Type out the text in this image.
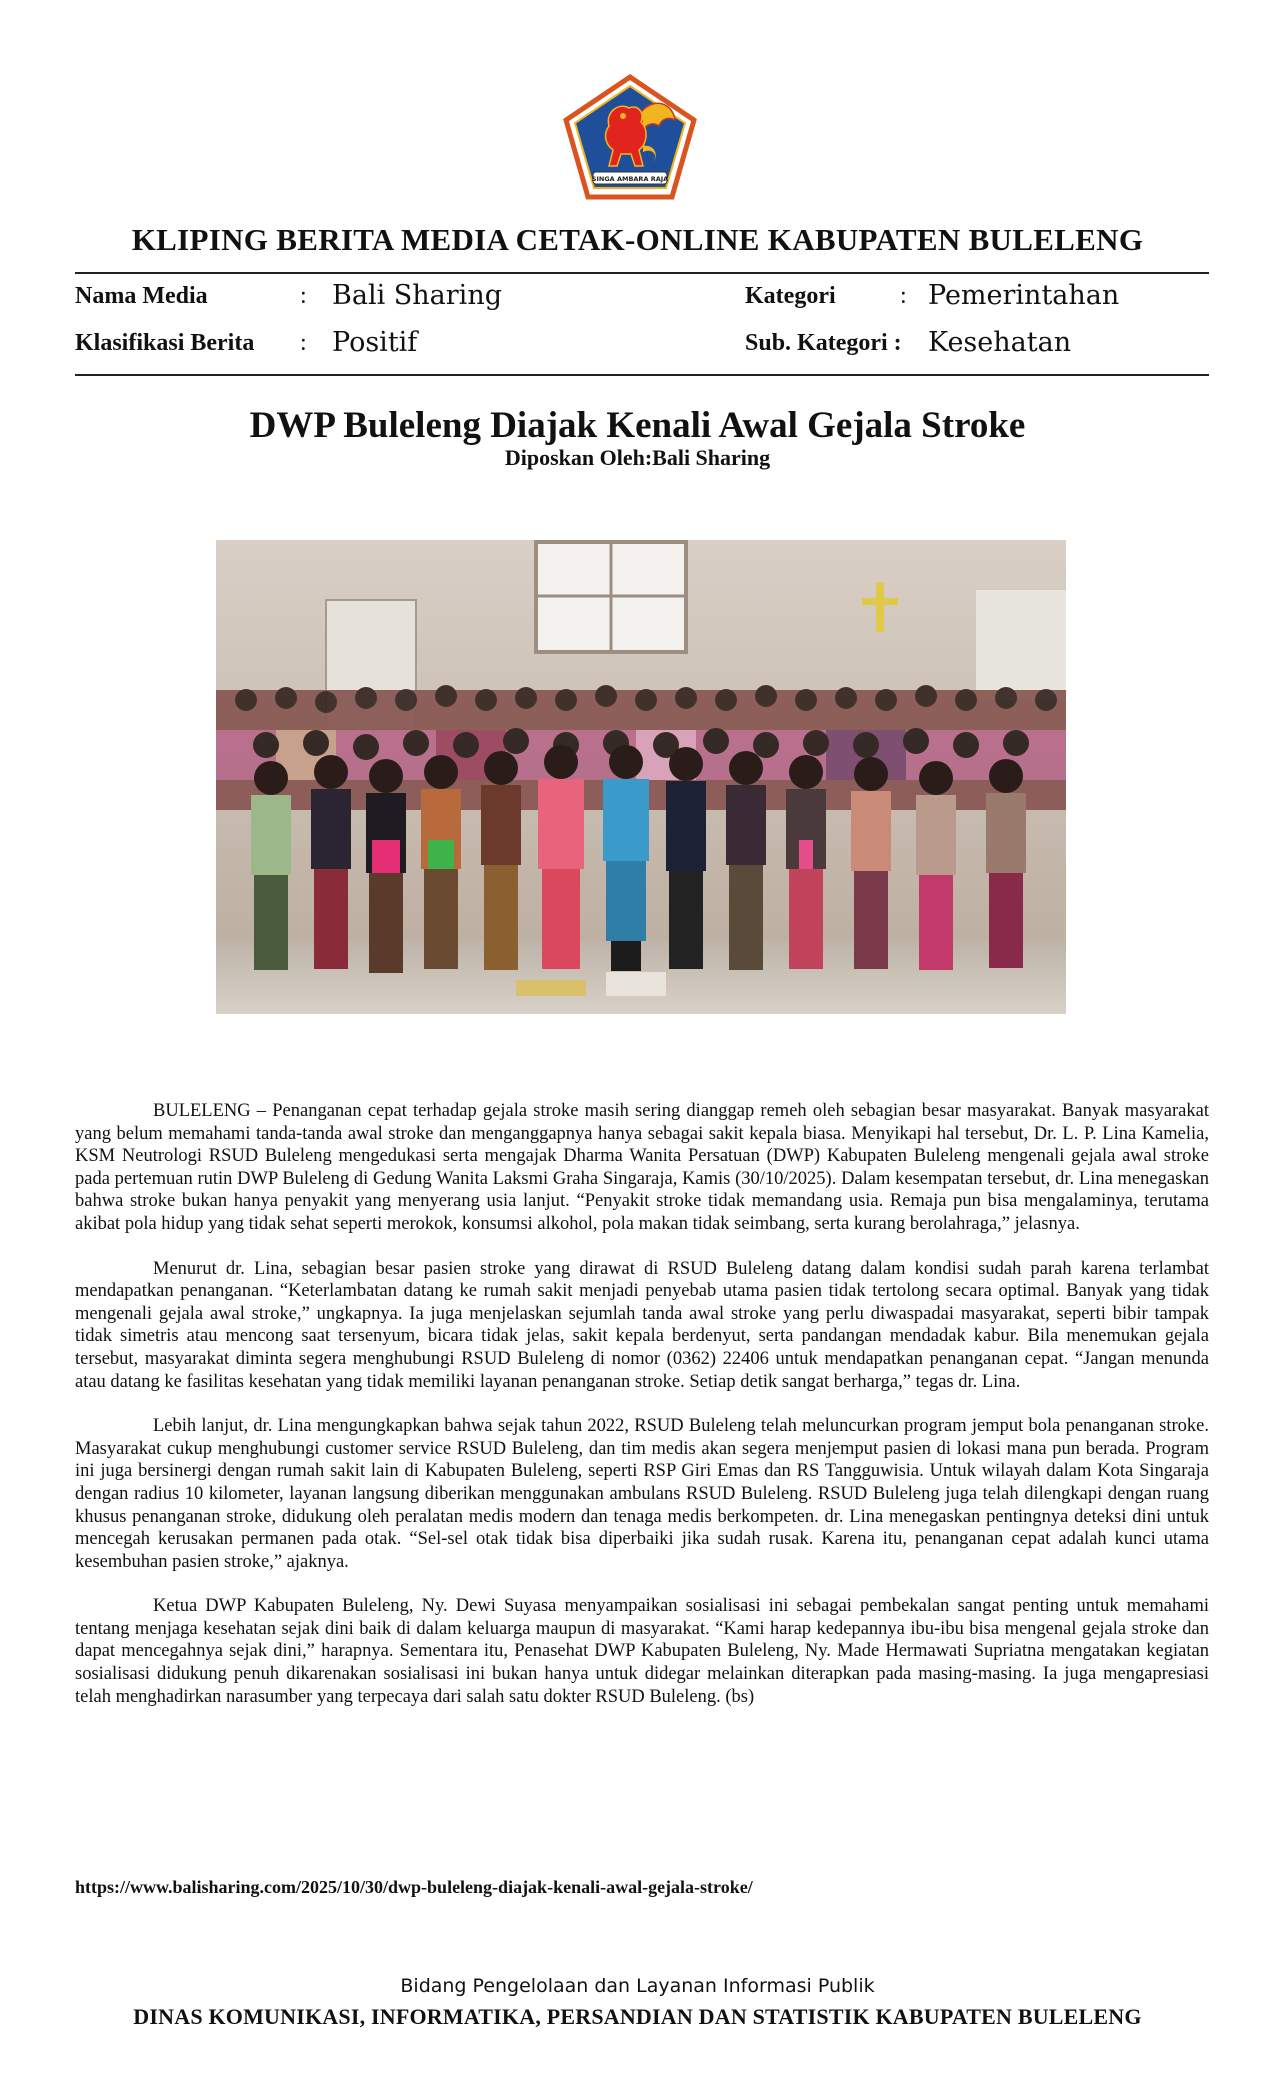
SINGA AMBARA RAJA
KLIPING BERITA MEDIA CETAK-ONLINE KABUPATEN BULELENG
Nama Media	: Bali Sharing	Kategori	: Pemerintahan
Klasifikasi Berita : Positif	Sub. Kategori : Kesehatan
DWP Buleleng Diajak Kenali Awal Gejala Stroke
Diposkan Oleh:Bali Sharing

BULELENG – Penanganan cepat terhadap gejala stroke masih sering dianggap remeh oleh sebagian besar masyarakat. Banyak masyarakat yang belum memahami tanda-tanda awal stroke dan menganggapnya hanya sebagai sakit kepala biasa. Menyikapi hal tersebut, Dr. L. P. Lina Kamelia, KSM Neutrologi RSUD Buleleng mengedukasi serta mengajak Dharma Wanita Persatuan (DWP) Kabupaten Buleleng mengenali gejala awal stroke pada pertemuan rutin DWP Buleleng di Gedung Wanita Laksmi Graha Singaraja, Kamis (30/10/2025). Dalam kesempatan tersebut, dr. Lina menegaskan bahwa stroke bukan hanya penyakit yang menyerang usia lanjut. “Penyakit stroke tidak memandang usia. Remaja pun bisa mengalaminya, terutama akibat pola hidup yang tidak sehat seperti merokok, konsumsi alkohol, pola makan tidak seimbang, serta kurang berolahraga,” jelasnya.

Menurut dr. Lina, sebagian besar pasien stroke yang dirawat di RSUD Buleleng datang dalam kondisi sudah parah karena terlambat mendapatkan penanganan. “Keterlambatan datang ke rumah sakit menjadi penyebab utama pasien tidak tertolong secara optimal. Banyak yang tidak mengenali gejala awal stroke,” ungkapnya. Ia juga menjelaskan sejumlah tanda awal stroke yang perlu diwaspadai masyarakat, seperti bibir tampak tidak simetris atau mencong saat tersenyum, bicara tidak jelas, sakit kepala berdenyut, serta pandangan mendadak kabur. Bila menemukan gejala tersebut, masyarakat diminta segera menghubungi RSUD Buleleng di nomor (0362) 22406 untuk mendapatkan penanganan cepat. “Jangan menunda atau datang ke fasilitas kesehatan yang tidak memiliki layanan penanganan stroke. Setiap detik sangat berharga,” tegas dr. Lina.

Lebih lanjut, dr. Lina mengungkapkan bahwa sejak tahun 2022, RSUD Buleleng telah meluncurkan program jemput bola penanganan stroke. Masyarakat cukup menghubungi customer service RSUD Buleleng, dan tim medis akan segera menjemput pasien di lokasi mana pun berada. Program ini juga bersinergi dengan rumah sakit lain di Kabupaten Buleleng, seperti RSP Giri Emas dan RS Tangguwisia. Untuk wilayah dalam Kota Singaraja dengan radius 10 kilometer, layanan langsung diberikan menggunakan ambulans RSUD Buleleng. RSUD Buleleng juga telah dilengkapi dengan ruang khusus penanganan stroke, didukung oleh peralatan medis modern dan tenaga medis berkompeten. dr. Lina menegaskan pentingnya deteksi dini untuk mencegah kerusakan permanen pada otak. “Sel-sel otak tidak bisa diperbaiki jika sudah rusak. Karena itu, penanganan cepat adalah kunci utama kesembuhan pasien stroke,” ajaknya.

Ketua DWP Kabupaten Buleleng, Ny. Dewi Suyasa menyampaikan sosialisasi ini sebagai pembekalan sangat penting untuk memahami tentang menjaga kesehatan sejak dini baik di dalam keluarga maupun di masyarakat. “Kami harap kedepannya ibu-ibu bisa mengenal gejala stroke dan dapat mencegahnya sejak dini,” harapnya. Sementara itu, Penasehat DWP Kabupaten Buleleng, Ny. Made Hermawati Supriatna mengatakan kegiatan sosialisasi didukung penuh dikarenakan sosialisasi ini bukan hanya untuk didegar melainkan diterapkan pada masing-masing. Ia juga mengapresiasi telah menghadirkan narasumber yang terpecaya dari salah satu dokter RSUD Buleleng. (bs)

https://www.balisharing.com/2025/10/30/dwp-buleleng-diajak-kenali-awal-gejala-stroke/
Bidang Pengelolaan dan Layanan Informasi Publik
DINAS KOMUNIKASI, INFORMATIKA, PERSANDIAN DAN STATISTIK KABUPATEN BULELENG
